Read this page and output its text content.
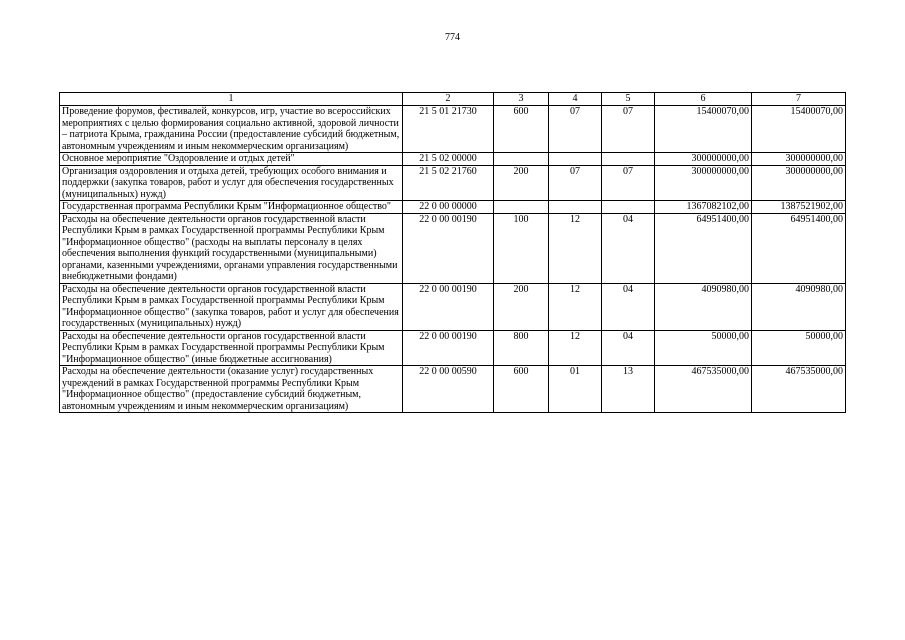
774
1	2	3	4	5	6	7
Проведение форумов, фестивалей, конкурсов, игр, участие во всероссийских мероприятиях с целью формирования социально активной, здоровой личности – патриота Крыма, гражданина России (предоставление субсидий бюджетным, автономным учреждениям и иным некоммерческим организациям)	21 5 01 21730	600	07	07	15400070,00	15400070,00
Основное мероприятие "Оздоровление и отдых детей"	21 5 02 00000				300000000,00	300000000,00
Организация оздоровления и отдыха детей, требующих особого внимания и поддержки (закупка товаров, работ и услуг для обеспечения государственных (муниципальных) нужд)	21 5 02 21760	200	07	07	300000000,00	300000000,00
Государственная программа Республики Крым "Информационное общество"	22 0 00 00000				1367082102,00	1387521902,00
Расходы на обеспечение деятельности органов государственной власти Республики Крым в рамках Государственной программы Республики Крым "Информационное общество" (расходы на выплаты персоналу в целях обеспечения выполнения функций государственными (муниципальными) органами, казенными учреждениями, органами управления государственными внебюджетными фондами)	22 0 00 00190	100	12	04	64951400,00	64951400,00
Расходы на обеспечение деятельности органов государственной власти Республики Крым в рамках Государственной программы Республики Крым "Информационное общество" (закупка товаров, работ и услуг для обеспечения государственных (муниципальных) нужд)	22 0 00 00190	200	12	04	4090980,00	4090980,00
Расходы на обеспечение деятельности органов государственной власти Республики Крым в рамках Государственной программы Республики Крым "Информационное общество" (иные бюджетные ассигнования)	22 0 00 00190	800	12	04	50000,00	50000,00
Расходы на обеспечение деятельности (оказание услуг) государственных учреждений в рамках Государственной программы Республики Крым "Информационное общество" (предоставление субсидий бюджетным, автономным учреждениям и иным некоммерческим организациям)	22 0 00 00590	600	01	13	467535000,00	467535000,00
